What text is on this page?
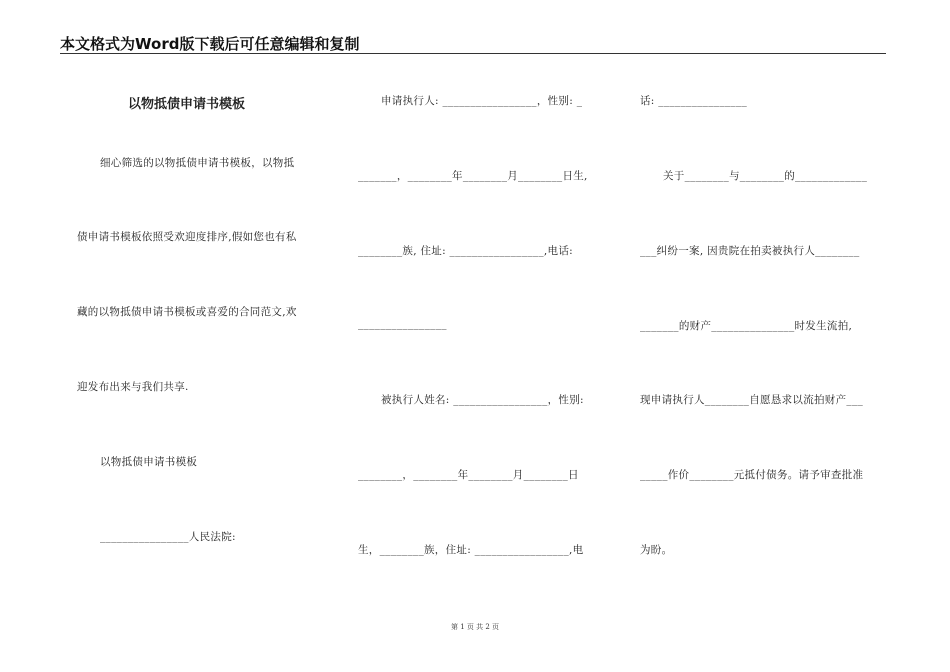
本文格式为Word版下载后可任意编辑和复制
以物抵债申请书模板
细心筛选的以物抵债申请书模板，以物抵
债申请书模板依照受欢迎度排序,假如您也有私
藏的以物抵债申请书模板或喜爱的合同范文,欢
迎发布出来与我们共享.
以物抵债申请书模板
________________人民法院:
申请执行人: _________________，性别: _
_______，________年________月________日生,
________族, 住址: _________________,电话:
________________
被执行人姓名: _________________，性别:
________，________年________月________日
生，________族，住址: _________________,电
话: ________________
关于________与________的_____________
___纠纷一案, 因贵院在拍卖被执行人________
_______的财产_______________时发生流拍,
现申请执行人________自愿恳求以流拍财产___
_____作价________元抵付债务。请予审查批准
为盼。
第 1 页 共 2 页
